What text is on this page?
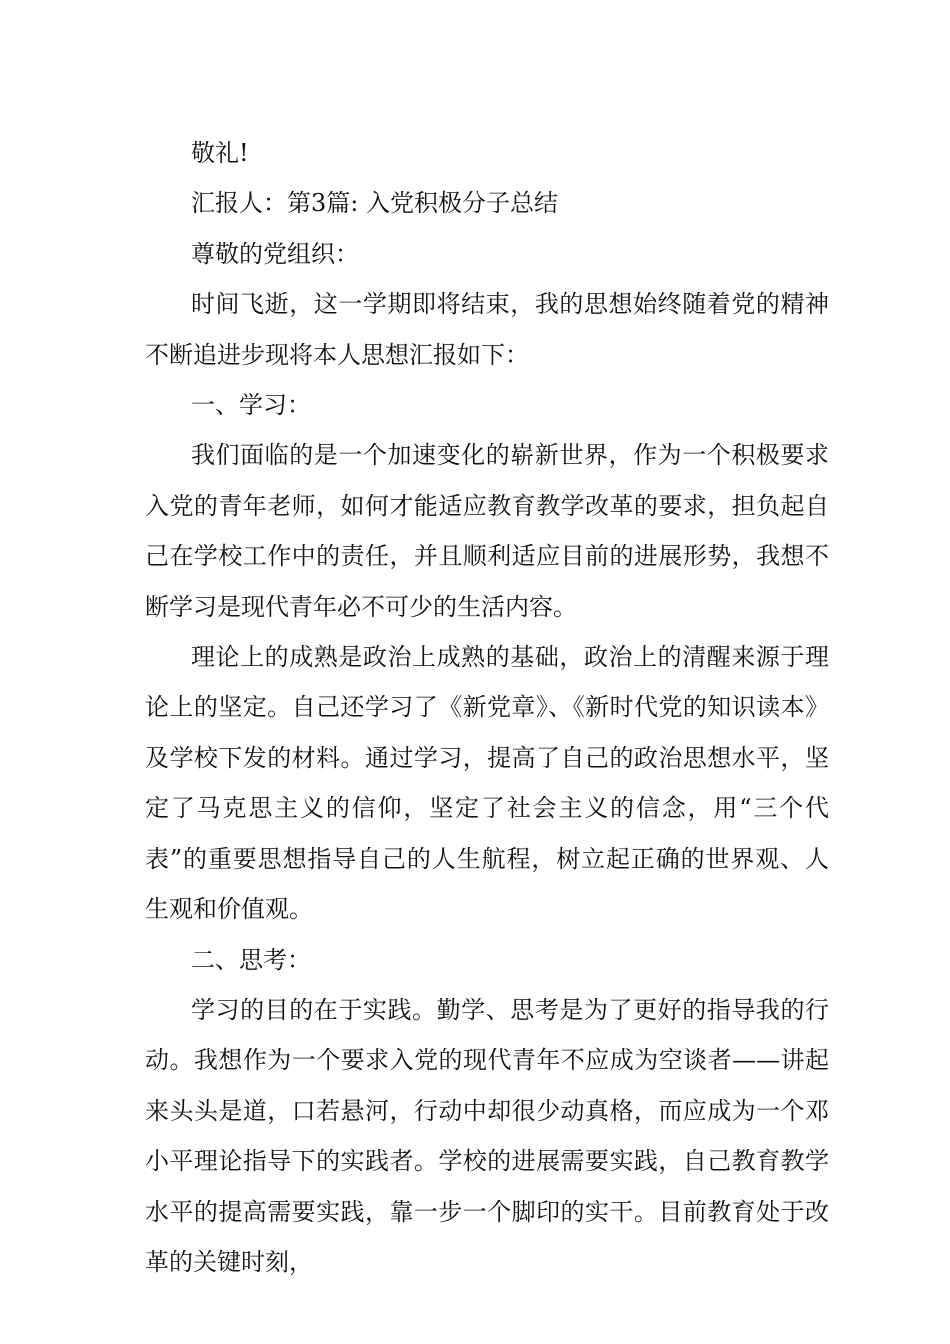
敬礼!

汇报人：第3篇: 入党积极分子总结

尊敬的党组织：

时间飞逝，这一学期即将结束，我的思想始终随着党的精神不断追进步现将本人思想汇报如下：

一、学习：

我们面临的是一个加速变化的崭新世界，作为一个积极要求入党的青年老师，如何才能适应教育教学改革的要求，担负起自己在学校工作中的责任，并且顺利适应目前的进展形势，我想不断学习是现代青年必不可少的生活内容。

理论上的成熟是政治上成熟的基础，政治上的清醒来源于理论上的坚定。自己还学习了《新党章》、《新时代党的知识读本》及学校下发的材料。通过学习，提高了自己的政治思想水平，坚定了马克思主义的信仰，坚定了社会主义的信念，用“三个代表”的重要思想指导自己的人生航程，树立起正确的世界观、人生观和价值观。

二、思考：

学习的目的在于实践。勤学、思考是为了更好的指导我的行动。我想作为一个要求入党的现代青年不应成为空谈者——讲起来头头是道，口若悬河，行动中却很少动真格，而应成为一个邓小平理论指导下的实践者。学校的进展需要实践，自己教育教学水平的提高需要实践，靠一步一个脚印的实干。目前教育处于改革的关键时刻，
